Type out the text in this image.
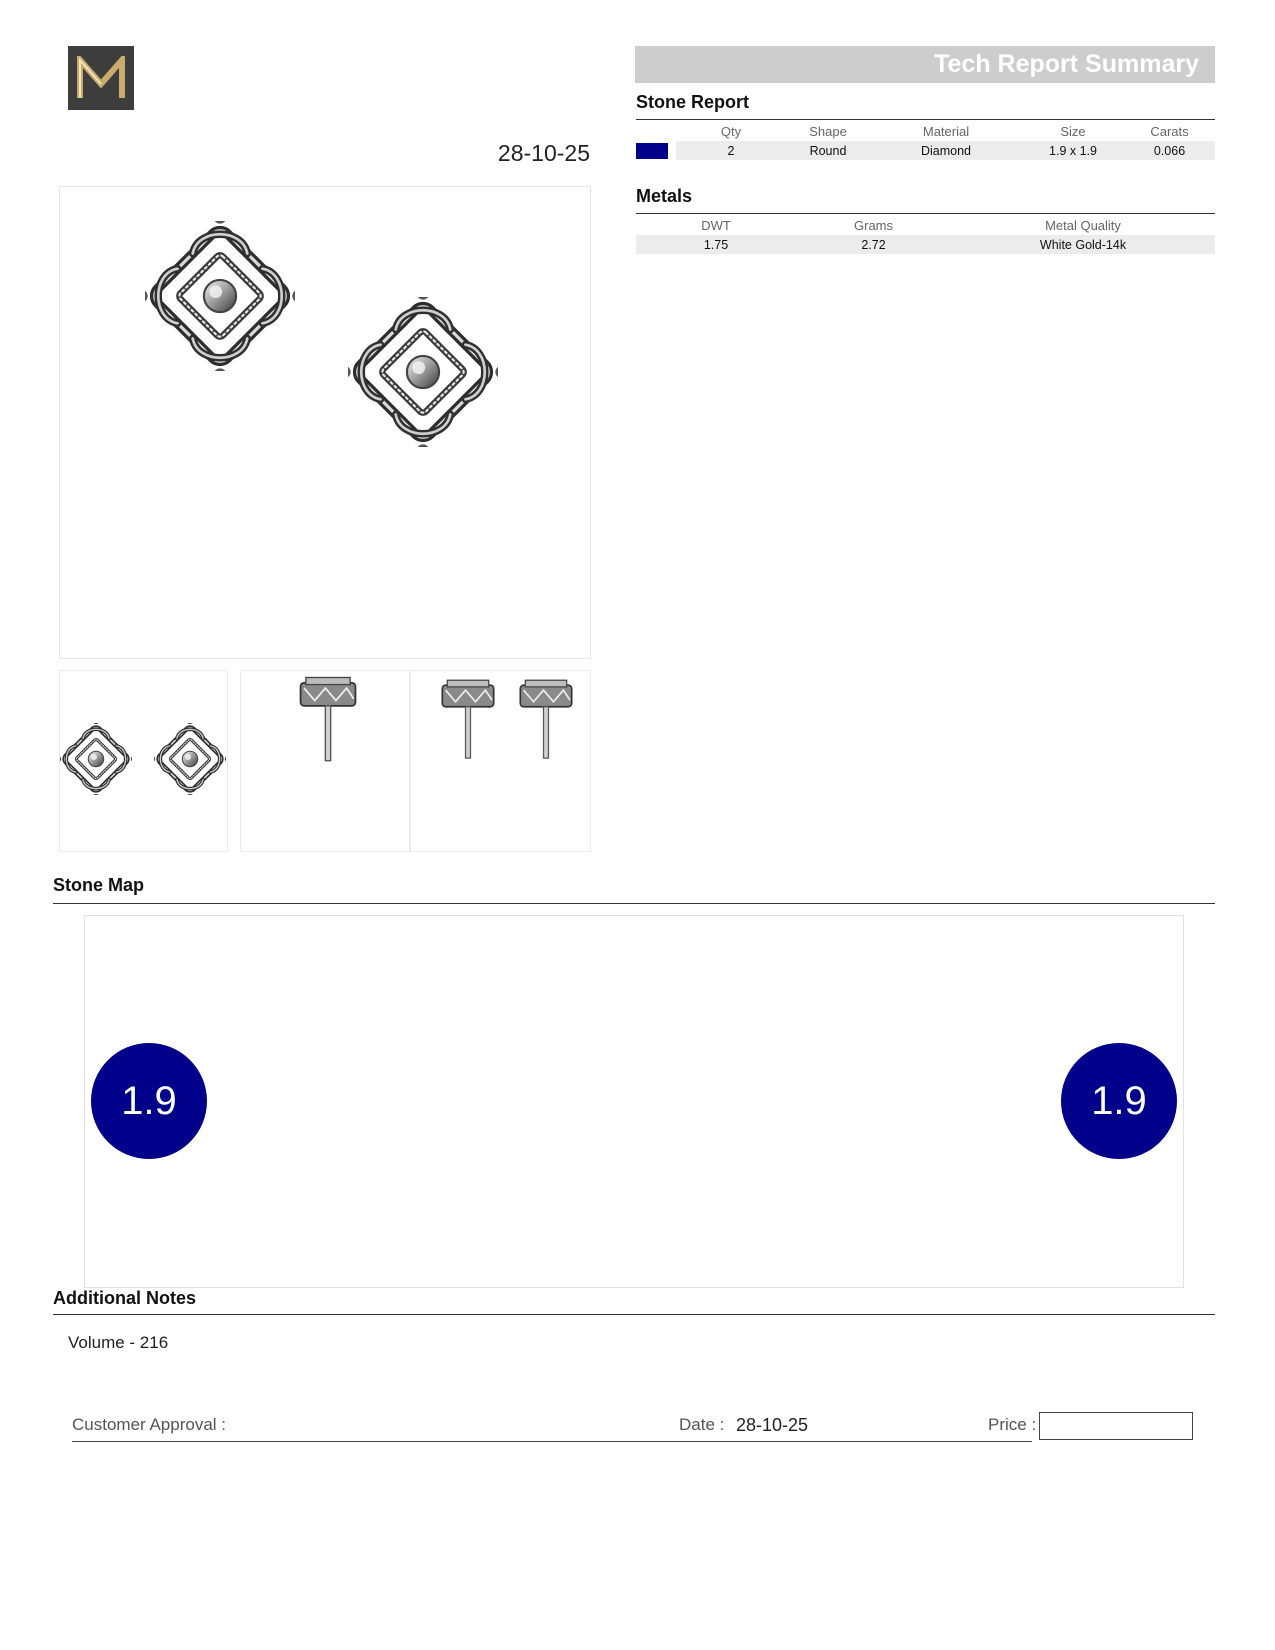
28-10-25
Tech Report Summary
Stone Report
	Qty	Shape	Material	Size	Carats
	2	Round	Diamond	1.9 x 1.9	0.066
Metals
DWT	Grams	Metal Quality
1.75	2.72	White Gold-14k
Stone Map
1.9	1.9
Additional Notes
Volume - 216
Customer Approval :	Date : 28-10-25	Price :
